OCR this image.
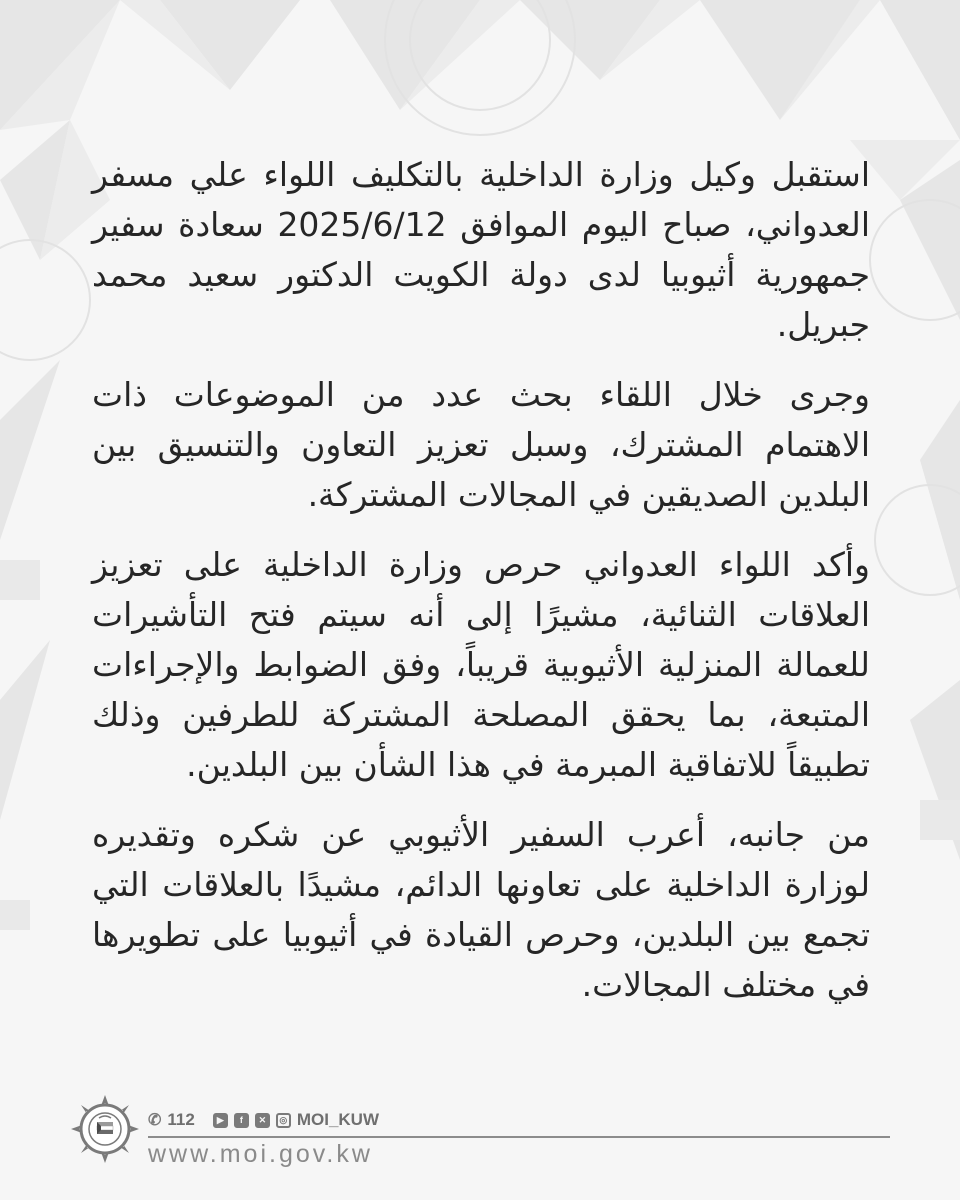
استقبل وكيل وزارة الداخلية بالتكليف اللواء علي مسفر العدواني، صباح اليوم الموافق 2025/6/12 سعادة سفير جمهورية أثيوبيا لدى دولة الكويت الدكتور سعيد محمد جبريل.

وجرى خلال اللقاء بحث عدد من الموضوعات ذات الاهتمام المشترك، وسبل تعزيز التعاون والتنسيق بين البلدين الصديقين في المجالات المشتركة.

وأكد اللواء العدواني حرص وزارة الداخلية على تعزيز العلاقات الثنائية، مشيرًا إلى أنه سيتم فتح التأشيرات للعمالة المنزلية الأثيوبية قريباً، وفق الضوابط والإجراءات المتبعة، بما يحقق المصلحة المشتركة للطرفين وذلك تطبيقاً للاتفاقية المبرمة في هذا الشأن بين البلدين.

من جانبه، أعرب السفير الأثيوبي عن شكره وتقديره لوزارة الداخلية على تعاونها الدائم، مشيدًا بالعلاقات التي تجمع بين البلدين، وحرص القيادة في أثيوبيا على تطويرها في مختلف المجالات.

✆ 112	▶	f	✕	◎ MOI_KUW
www.moi.gov.kw
